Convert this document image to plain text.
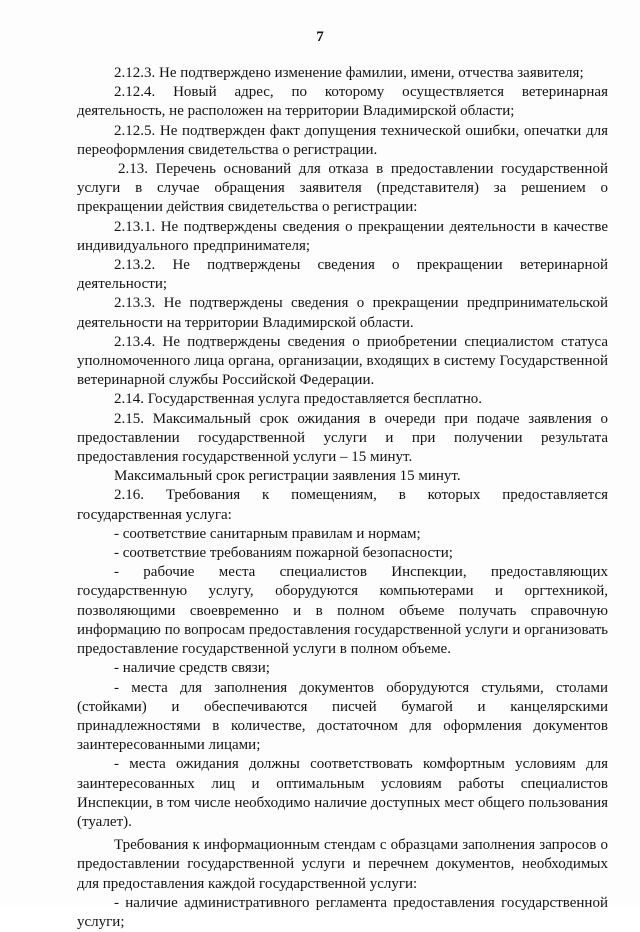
7

2.12.3. Не подтверждено изменение фамилии, имени, отчества заявителя;

2.12.4. Новый адрес, по которому осуществляется ветеринарная деятельность, не расположен на территории Владимирской области;

2.12.5. Не подтвержден факт допущения технической ошибки, опечатки для переоформления свидетельства о регистрации.

2.13. Перечень оснований для отказа в предоставлении государственной услуги в случае обращения заявителя (представителя) за решением о прекращении действия свидетельства о регистрации:

2.13.1. Не подтверждены сведения о прекращении деятельности в качестве индивидуального предпринимателя;

2.13.2. Не подтверждены сведения о прекращении ветеринарной деятельности;

2.13.3. Не подтверждены сведения о прекращении предпринимательской деятельности на территории Владимирской области.

2.13.4. Не подтверждены сведения о приобретении специалистом статуса уполномоченного лица органа, организации, входящих в систему Государственной ветеринарной службы Российской Федерации.

2.14. Государственная услуга предоставляется бесплатно.

2.15. Максимальный срок ожидания в очереди при подаче заявления о предоставлении государственной услуги и при получении результата предоставления государственной услуги – 15 минут.

Максимальный срок регистрации заявления 15 минут.

2.16. Требования к помещениям, в которых предоставляется государственная услуга:

- соответствие санитарным правилам и нормам;

- соответствие требованиям пожарной безопасности;

- рабочие места специалистов Инспекции, предоставляющих государственную услугу, оборудуются компьютерами и оргтехникой, позволяющими своевременно и в полном объеме получать справочную информацию по вопросам предоставления государственной услуги и организовать предоставление государственной услуги в полном объеме.

- наличие средств связи;

- места для заполнения документов оборудуются стульями, столами (стойками) и обеспечиваются писчей бумагой и канцелярскими принадлежностями в количестве, достаточном для оформления документов заинтересованными лицами;

- места ожидания должны соответствовать комфортным условиям для заинтересованных лиц и оптимальным условиям работы специалистов Инспекции, в том числе необходимо наличие доступных мест общего пользования (туалет).

Требования к информационным стендам с образцами заполнения запросов о предоставлении государственной услуги и перечнем документов, необходимых для предоставления каждой государственной услуги:

- наличие административного регламента предоставления государственной услуги;
